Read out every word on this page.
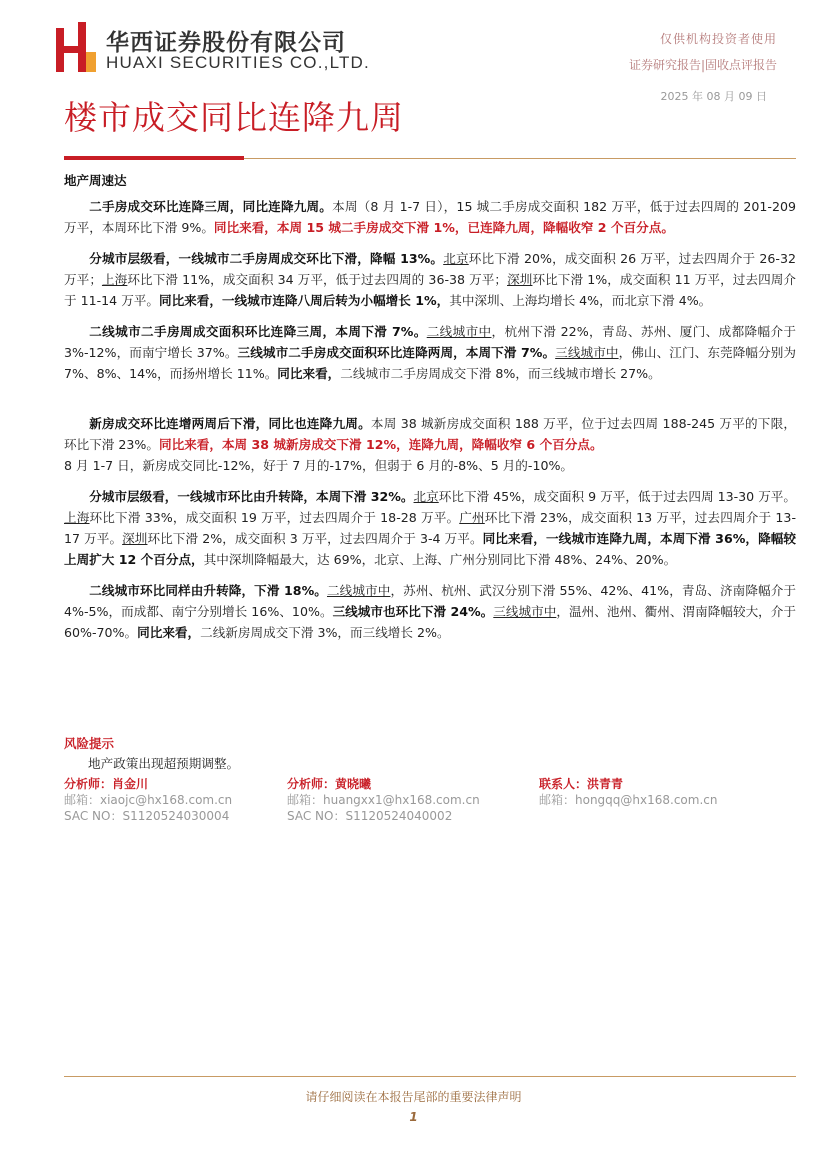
华西证券股份有限公司
HUAXI SECURITIES CO.,LTD.
仅供机构投资者使用
证券研究报告|固收点评报告
2025 年 08 月 09 日
楼市成交同比连降九周
地产周速达

二手房成交环比连降三周，同比连降九周。本周（8 月 1-7 日），15 城二手房成交面积 182 万平，低于过去四周的 201-209 万平，本周环比下滑 9%。同比来看，本周 15 城二手房成交下滑 1%，已连降九周，降幅收窄 2 个百分点。

分城市层级看，一线城市二手房周成交环比下滑，降幅 13%。北京环比下滑 20%，成交面积 26 万平，过去四周介于 26-32 万平；上海环比下滑 11%，成交面积 34 万平，低于过去四周的 36-38 万平；深圳环比下滑 1%，成交面积 11 万平，过去四周介于 11-14 万平。同比来看，一线城市连降八周后转为小幅增长 1%，其中深圳、上海均增长 4%，而北京下滑 4%。

二线城市二手房周成交面积环比连降三周，本周下滑 7%。二线城市中，杭州下滑 22%，青岛、苏州、厦门、成都降幅介于 3%-12%，而南宁增长 37%。三线城市二手房成交面积环比连降两周，本周下滑 7%。三线城市中，佛山、江门、东莞降幅分别为 7%、8%、14%，而扬州增长 11%。同比来看，二线城市二手房周成交下滑 8%，而三线城市增长 27%。

新房成交环比连增两周后下滑，同比也连降九周。本周 38 城新房成交面积 188 万平，位于过去四周 188-245 万平的下限，环比下滑 23%。同比来看，本周 38 城新房成交下滑 12%，连降九周，降幅收窄 6 个百分点。
8 月 1-7 日，新房成交同比-12%，好于 7 月的-17%，但弱于 6 月的-8%、5 月的-10%。

分城市层级看，一线城市环比由升转降，本周下滑 32%。北京环比下滑 45%，成交面积 9 万平，低于过去四周 13-30 万平。上海环比下滑 33%，成交面积 19 万平，过去四周介于 18-28 万平。广州环比下滑 23%，成交面积 13 万平，过去四周介于 13-17 万平。深圳环比下滑 2%，成交面积 3 万平，过去四周介于 3-4 万平。同比来看，一线城市连降九周，本周下滑 36%，降幅较上周扩大 12 个百分点，其中深圳降幅最大，达 69%，北京、上海、广州分别同比下滑 48%、24%、20%。

二线城市环比同样由升转降，下滑 18%。二线城市中，苏州、杭州、武汉分别下滑 55%、42%、41%，青岛、济南降幅介于 4%-5%，而成都、南宁分别增长 16%、10%。三线城市也环比下滑 24%。三线城市中，温州、池州、衢州、渭南降幅较大，介于 60%-70%。同比来看，二线新房周成交下滑 3%，而三线增长 2%。

风险提示
地产政策出现超预期调整。
分析师：肖金川
邮箱：xiaojc@hx168.com.cn
SAC NO：S1120524030004
分析师：黄晓曦
邮箱：huangxx1@hx168.com.cn
SAC NO：S1120524040002
联系人：洪青青
邮箱：hongqq@hx168.com.cn
请仔细阅读在本报告尾部的重要法律声明
1
